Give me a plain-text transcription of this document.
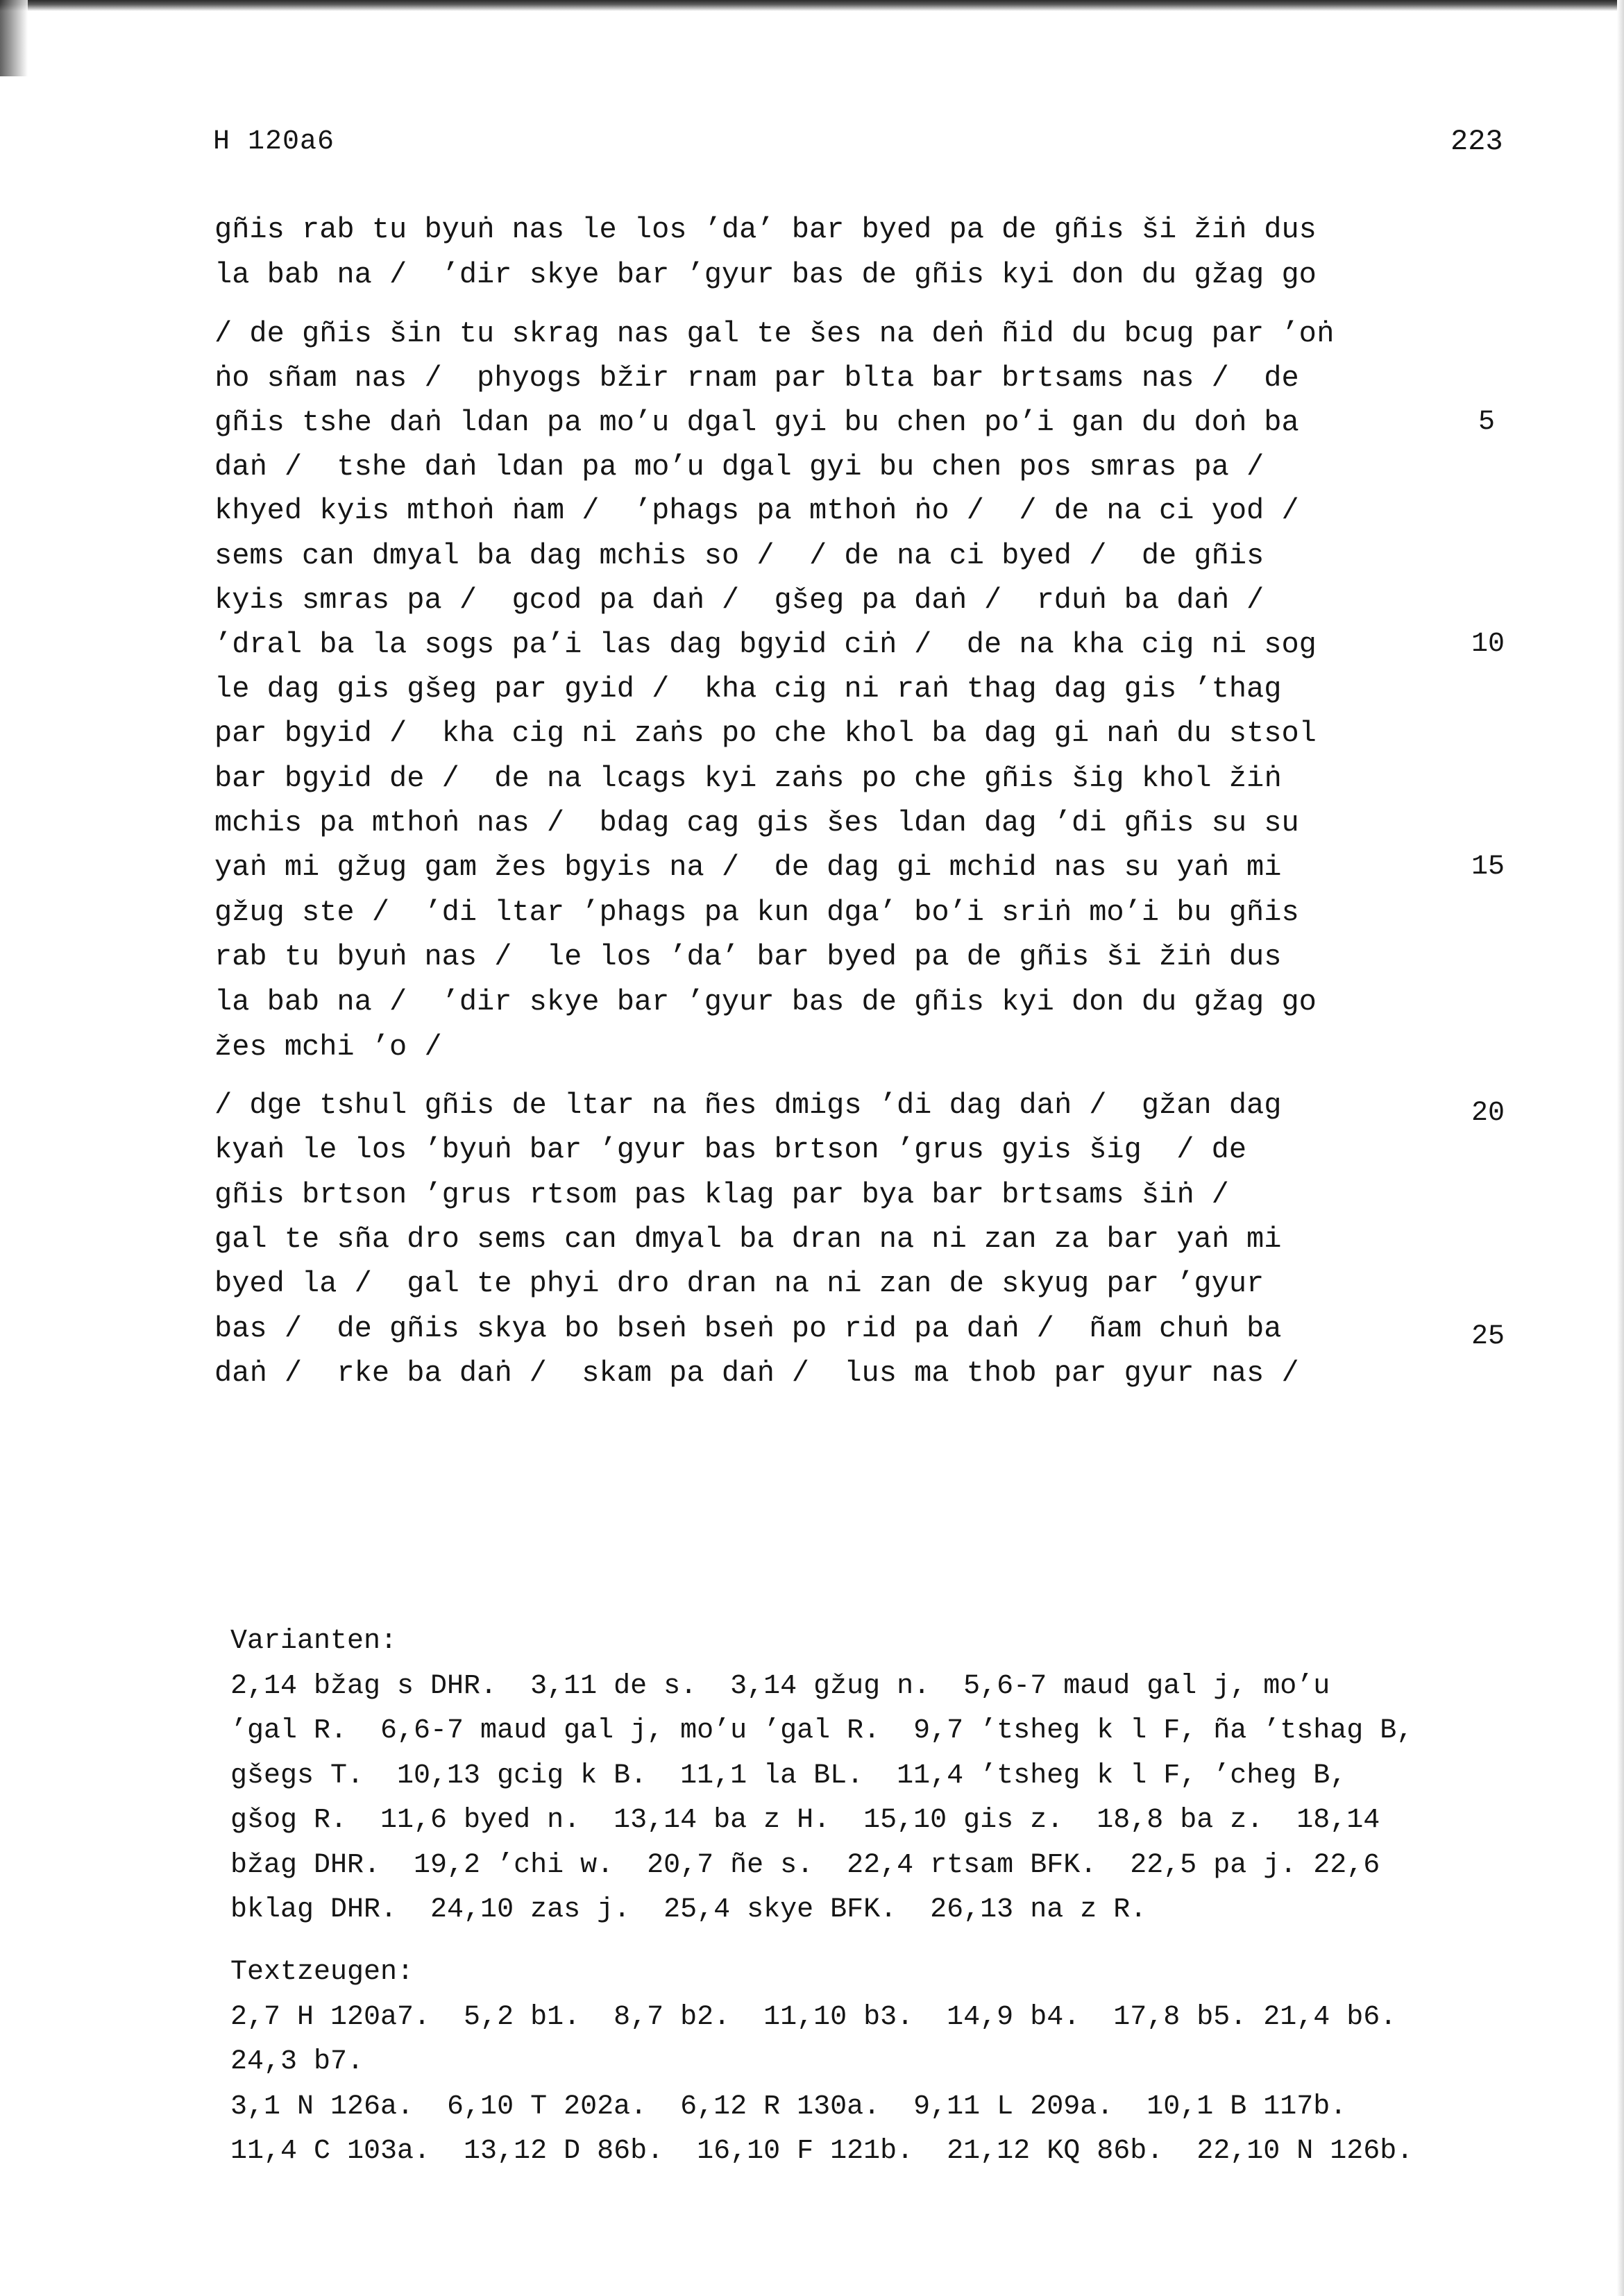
H 120a6	223
gñis rab tu byuṅ nas le los ’da’ bar byed pa de gñis ši žiṅ dus
la bab na /  ’dir skye bar ’gyur bas de gñis kyi don du gžag go
/ de gñis šin tu skrag nas gal te šes na deṅ ñid du bcug par ’oṅ
ṅo sñam nas /  phyogs bžir rnam par blta bar brtsams nas /  de
gñis tshe daṅ ldan pa mo’u dgal gyi bu chen po’i gan du doṅ ba
daṅ /  tshe daṅ ldan pa mo’u dgal gyi bu chen pos smras pa /
khyed kyis mthoṅ ṅam /  ’phags pa mthoṅ ṅo /  / de na ci yod /
sems can dmyal ba dag mchis so /  / de na ci byed /  de gñis
kyis smras pa /  gcod pa daṅ /  gšeg pa daṅ /  rduṅ ba daṅ /
’dral ba la sogs pa’i las dag bgyid ciṅ /  de na kha cig ni sog
le dag gis gšeg par gyid /  kha cig ni raṅ thag dag gis ’thag
par bgyid /  kha cig ni zaṅs po che khol ba dag gi naṅ du stsol
bar bgyid de /  de na lcags kyi zaṅs po che gñis šig khol žiṅ
mchis pa mthoṅ nas /  bdag cag gis šes ldan dag ’di gñis su su
yaṅ mi gžug gam žes bgyis na /  de dag gi mchid nas su yaṅ mi
gžug ste /  ’di ltar ’phags pa kun dga’ bo’i sriṅ mo’i bu gñis
rab tu byuṅ nas /  le los ’da’ bar byed pa de gñis ši žiṅ dus
la bab na /  ’dir skye bar ’gyur bas de gñis kyi don du gžag go
žes mchi ’o /
/ dge tshul gñis de ltar na ñes dmigs ’di dag daṅ /  gžan dag
kyaṅ le los ’byuṅ bar ’gyur bas brtson ’grus gyis šig  / de
gñis brtson ’grus rtsom pas klag par bya bar brtsams šiṅ /
gal te sña dro sems can dmyal ba dran na ni zan za bar yaṅ mi
byed la /  gal te phyi dro dran na ni zan de skyug par ’gyur
bas /  de gñis skya bo bseṅ bseṅ po rid pa daṅ /  ñam chuṅ ba
daṅ /  rke ba daṅ /  skam pa daṅ /  lus ma thob par gyur nas /
5
10
15
20
25
Varianten:
2,14 bžag s DHR.  3,11 de s.  3,14 gžug n.  5,6-7 maud gal j, mo’u
’gal R.  6,6-7 maud gal j, mo’u ’gal R.  9,7 ’tsheg k l F, ña ’tshag B,
gšegs T.  10,13 gcig k B.  11,1 la BL.  11,4 ’tsheg k l F, ’cheg B,
gšog R.  11,6 byed n.  13,14 ba z H.  15,10 gis z.  18,8 ba z.  18,14
bžag DHR.  19,2 ’chi w.  20,7 ñe s.  22,4 rtsam BFK.  22,5 pa j. 22,6
bklag DHR.  24,10 zas j.  25,4 skye BFK.  26,13 na z R.
Textzeugen:
2,7 H 120a7.  5,2 b1.  8,7 b2.  11,10 b3.  14,9 b4.  17,8 b5. 21,4 b6.
24,3 b7.
3,1 N 126a.  6,10 T 202a.  6,12 R 130a.  9,11 L 209a.  10,1 B 117b.
11,4 C 103a.  13,12 D 86b.  16,10 F 121b.  21,12 KQ 86b.  22,10 N 126b.
